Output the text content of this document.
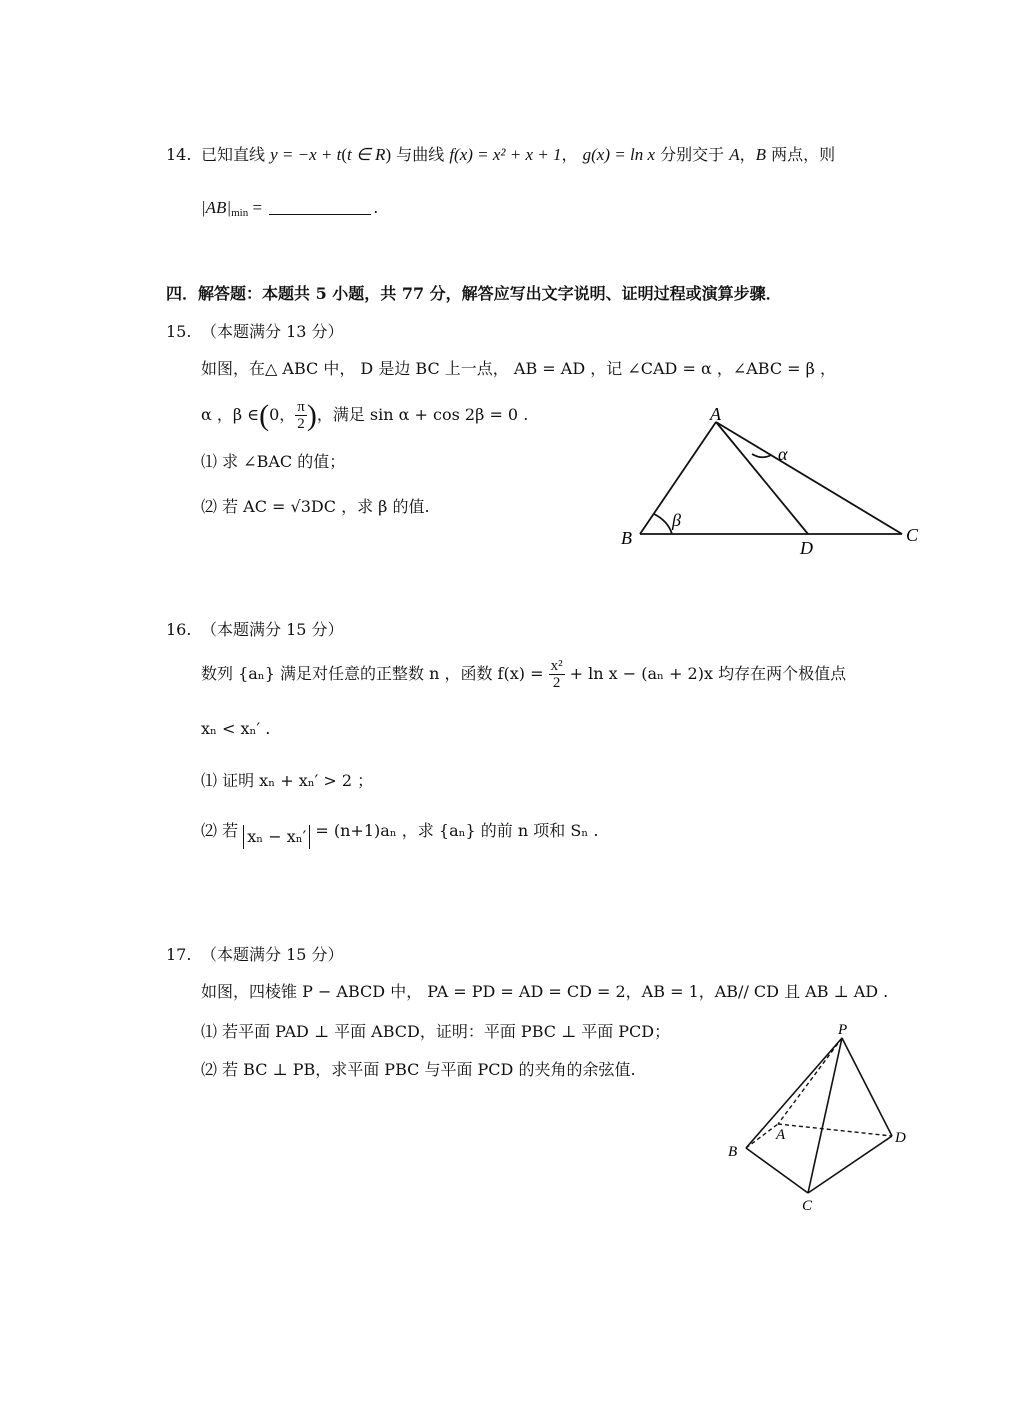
14. 已知直线 y = −x + t(t ∈ R) 与曲线 f(x) = x² + x + 1， g(x) = ln x 分别交于 A，B 两点，则
$|AB|_{min}$ =	.
四．解答题：本题共 5 小题，共 77 分，解答应写出文字说明、证明过程或演算步骤．
15. （本题满分 13 分）
如图，在△ ABC 中， D 是边 BC 上一点， AB = AD ，记 ∠CAD = α ，∠ABC = β ，
α ，β ∈(0， $\frac{\pi}{2}$ )，满足 sin α + cos 2β = 0 .
⑴ 求 ∠BAC 的值；
⑵ 若 AC = √3DC ，求 β 的值.
A
B	C
D
α
β
16. （本题满分 15 分）
数列 {aₙ} 满足对任意的正整数 n ，函数 $f(x) = \frac{\text{x²}}{2} + \ln x - (a_n + 2)x$ 均存在两个极值点
xₙ < xₙ′ .
⑴ 证明 xₙ + xₙ′ > 2 ；
⑵ 若 xₙ − xₙ′ = (n+1)aₙ ，求 {aₙ} 的前 n 项和 Sₙ .
17. （本题满分 15 分）
如图，四棱锥 P − ABCD 中， PA = PD = AD = CD = 2，AB = 1，AB// CD 且 AB ⊥ AD .
⑴ 若平面 PAD ⊥ 平面 ABCD，证明：平面 PBC ⊥ 平面 PCD；
⑵ 若 BC ⊥ PB，求平面 PBC 与平面 PCD 的夹角的余弦值.
P
A
B
C
D
